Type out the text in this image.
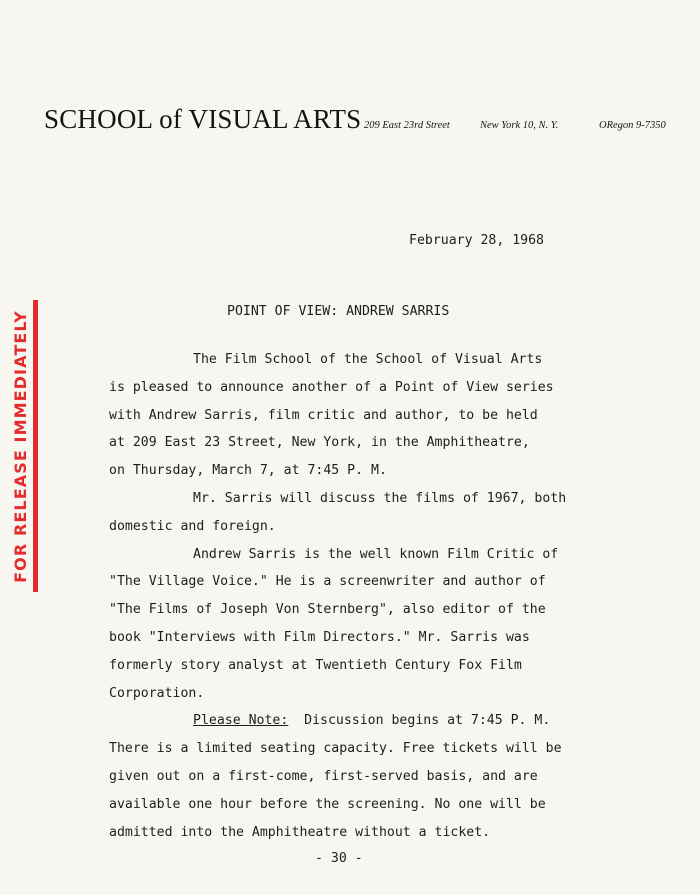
SCHOOL of VISUAL ARTS 209 East 23rd Street	New York 10, N. Y.	ORegon 9-7350
FOR RELEASE IMMEDIATELY
February 28, 1968
POINT OF VIEW: ANDREW SARRIS
The Film School of the School of Visual Arts
is pleased to announce another of a Point of View series
with Andrew Sarris, film critic and author, to be held
at 209 East 23 Street, New York, in the Amphitheatre,
on Thursday, March 7, at 7:45 P. M.
Mr. Sarris will discuss the films of 1967, both
domestic and foreign.
Andrew Sarris is the well known Film Critic of
"The Village Voice." He is a screenwriter and author of
"The Films of Joseph Von Sternberg", also editor of the
book "Interviews with Film Directors." Mr. Sarris was
formerly story analyst at Twentieth Century Fox Film
Corporation.
Please Note:  Discussion begins at 7:45 P. M.
There is a limited seating capacity. Free tickets will be
given out on a first-come, first-served basis, and are
available one hour before the screening. No one will be
admitted into the Amphitheatre without a ticket.
- 30 -
